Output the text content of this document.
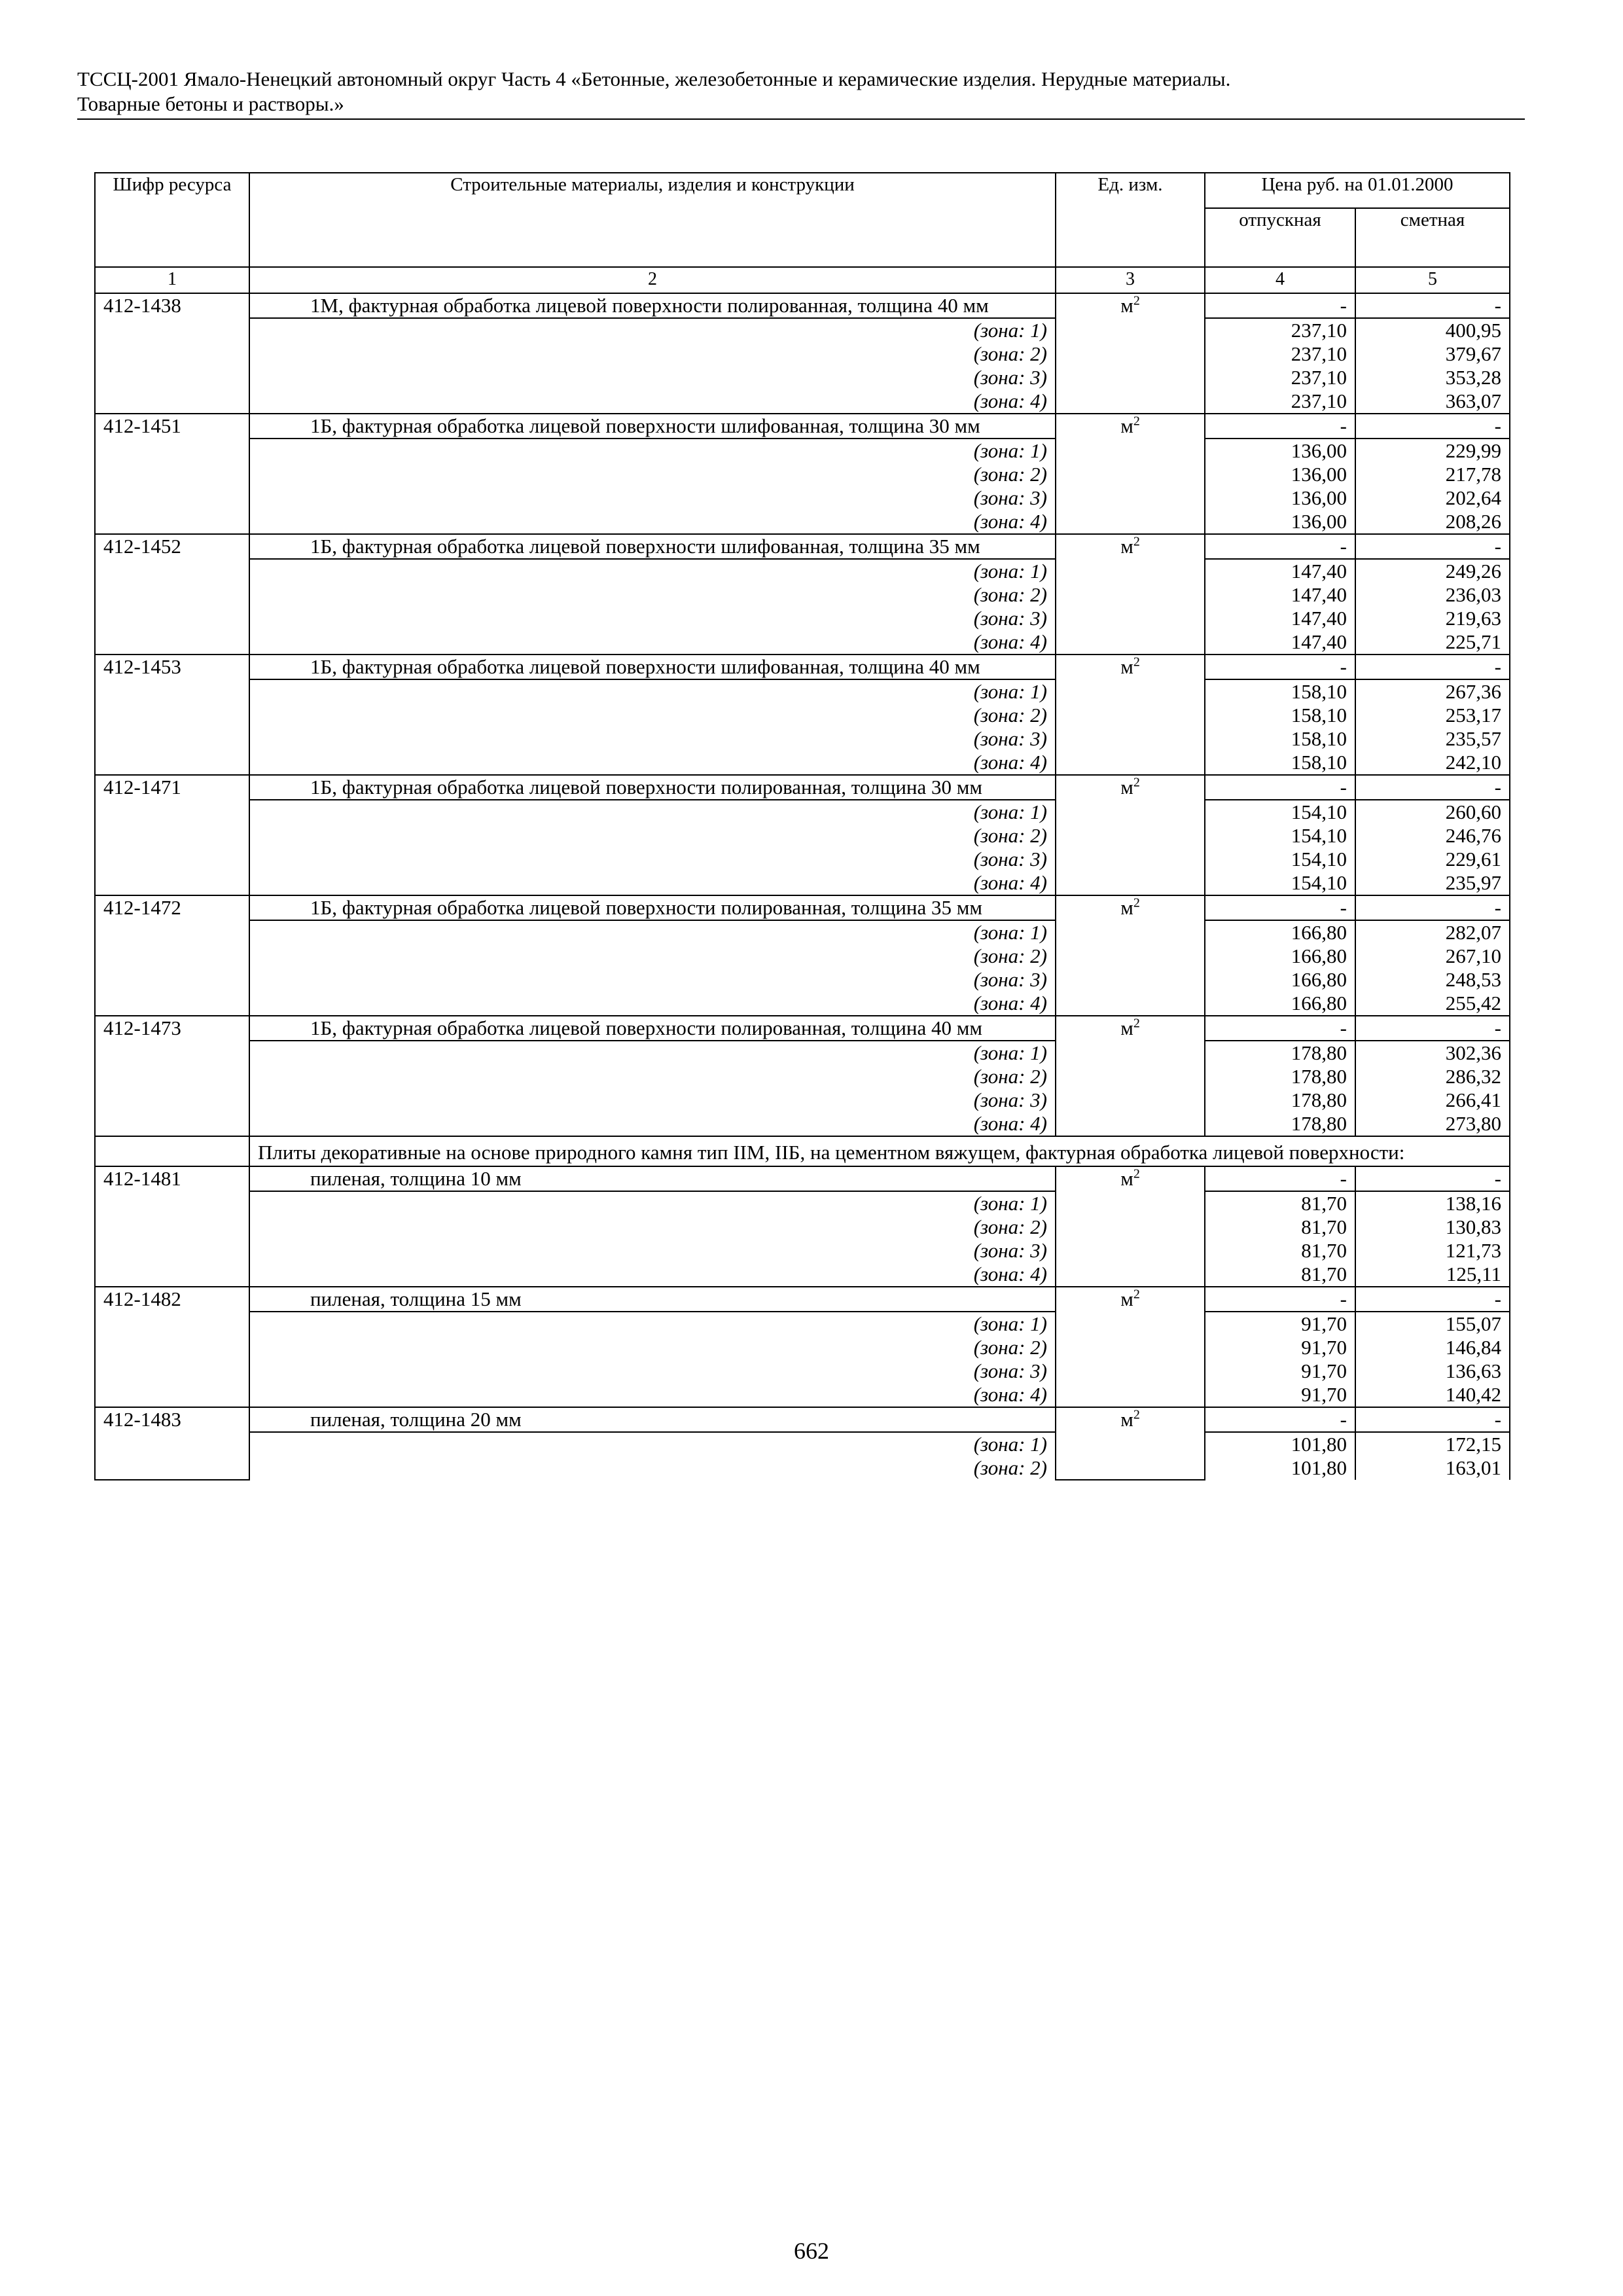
ТССЦ-2001 Ямало-Ненецкий автономный округ Часть 4 «Бетонные, железобетонные и керамические изделия. Нерудные материалы.
Товарные бетоны и растворы.»
Шифр ресурса	Строительные материалы, изделия и конструкции	Ед. изм.	Цена руб. на 01.01.2000	
			отпускная	сметная
1	2	3	4	5
412-1438	1М, фактурная обработка лицевой поверхности полированная, толщина 40 мм	$м^2$	-	-
	(зона: 1)		237,10	400,95
	(зона: 2)		237,10	379,67
	(зона: 3)		237,10	353,28
	(зона: 4)		237,10	363,07
412-1451	1Б, фактурная обработка лицевой поверхности шлифованная, толщина 30 мм	$м^2$	-	-
	(зона: 1)		136,00	229,99
	(зона: 2)		136,00	217,78
	(зона: 3)		136,00	202,64
	(зона: 4)		136,00	208,26
412-1452	1Б, фактурная обработка лицевой поверхности шлифованная, толщина 35 мм	$м^2$	-	-
	(зона: 1)		147,40	249,26
	(зона: 2)		147,40	236,03
	(зона: 3)		147,40	219,63
	(зона: 4)		147,40	225,71
412-1453	1Б, фактурная обработка лицевой поверхности шлифованная, толщина 40 мм	$м^2$	-	-
	(зона: 1)		158,10	267,36
	(зона: 2)		158,10	253,17
	(зона: 3)		158,10	235,57
	(зона: 4)		158,10	242,10
412-1471	1Б, фактурная обработка лицевой поверхности полированная, толщина 30 мм	$м^2$	-	-
	(зона: 1)		154,10	260,60
	(зона: 2)		154,10	246,76
	(зона: 3)		154,10	229,61
	(зона: 4)		154,10	235,97
412-1472	1Б, фактурная обработка лицевой поверхности полированная, толщина 35 мм	$м^2$	-	-
	(зона: 1)		166,80	282,07
	(зона: 2)		166,80	267,10
	(зона: 3)		166,80	248,53
	(зона: 4)		166,80	255,42
412-1473	1Б, фактурная обработка лицевой поверхности полированная, толщина 40 мм	$м^2$	-	-
	(зона: 1)		178,80	302,36
	(зона: 2)		178,80	286,32
	(зона: 3)		178,80	266,41
	(зона: 4)		178,80	273,80
	Плиты декоративные на основе природного камня тип IIМ, IIБ, на цементном вяжущем, фактурная обработка лицевой поверхности:			
412-1481	пиленая, толщина 10 мм	$м^2$	-	-
	(зона: 1)		81,70	138,16
	(зона: 2)		81,70	130,83
	(зона: 3)		81,70	121,73
	(зона: 4)		81,70	125,11
412-1482	пиленая, толщина 15 мм	$м^2$	-	-
	(зона: 1)		91,70	155,07
	(зона: 2)		91,70	146,84
	(зона: 3)		91,70	136,63
	(зона: 4)		91,70	140,42
412-1483	пиленая, толщина 20 мм	$м^2$	-	-
	(зона: 1)		101,80	172,15
	(зона: 2)		101,80	163,01
662
